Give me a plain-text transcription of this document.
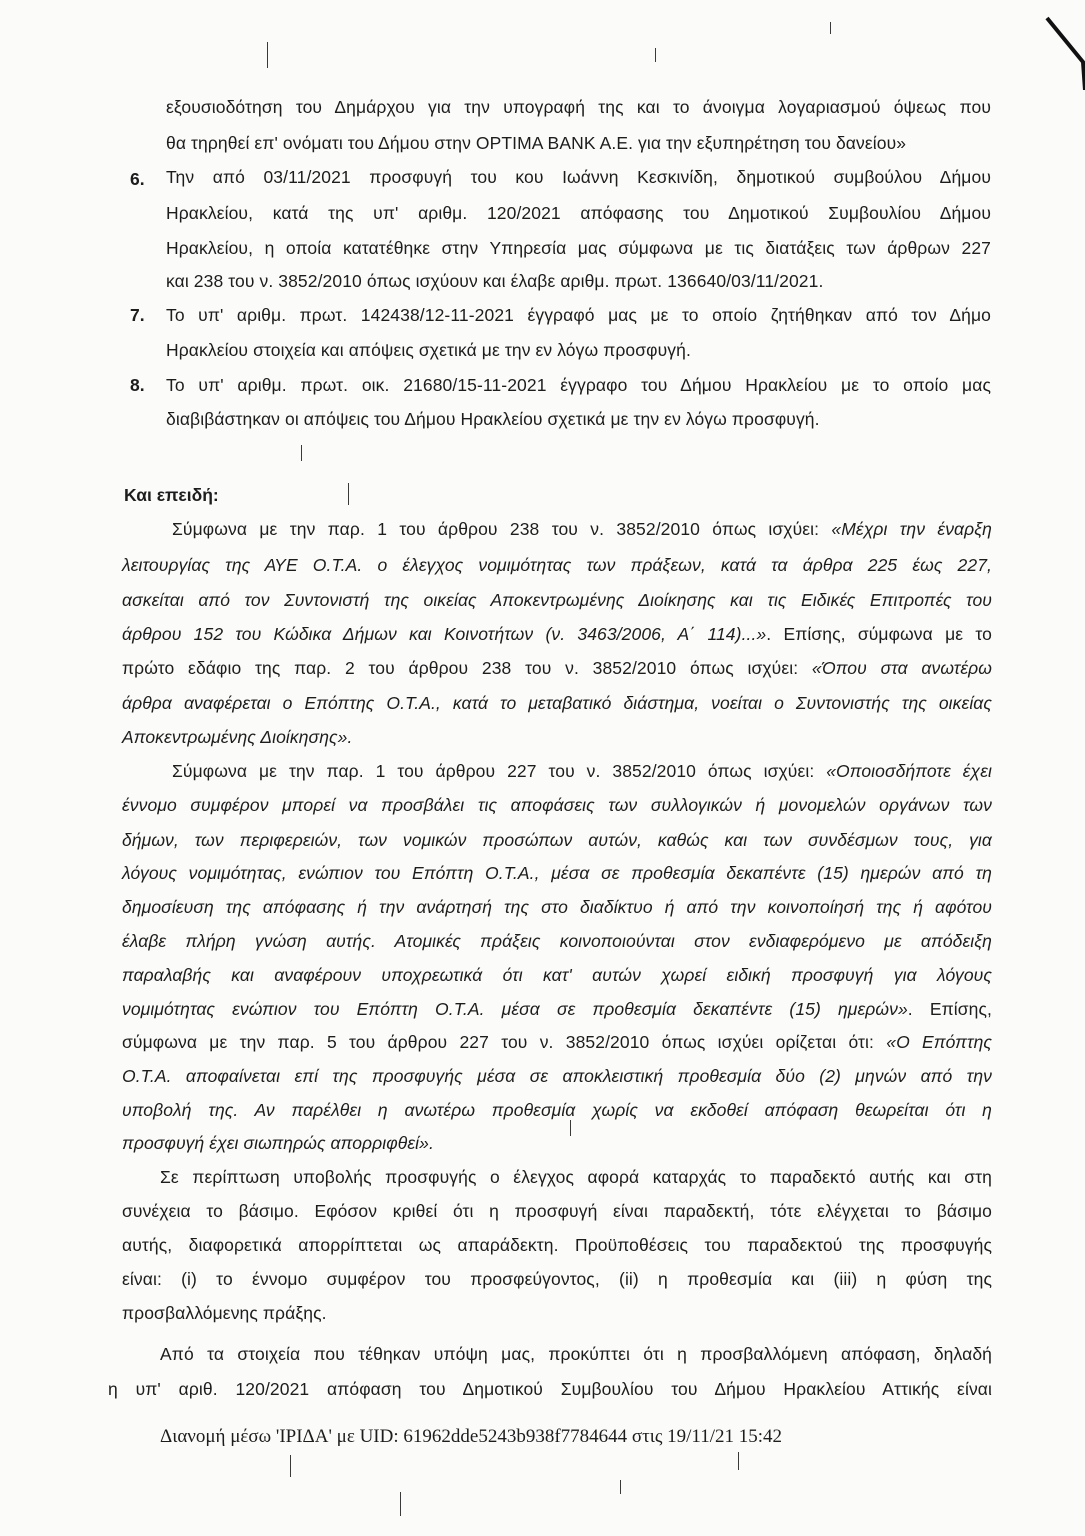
εξουσιοδότηση του Δημάρχου για την υπογραφή της και το άνοιγμα λογαριασμού όψεως που
θα τηρηθεί επ' ονόματι του Δήμου στην OPTIMA BANK A.E. για την εξυπηρέτηση του δανείου»
6. Την από 03/11/2021 προσφυγή του κου Ιωάννη Κεσκινίδη, δημοτικού συμβούλου Δήμου
Ηρακλείου, κατά της υπ' αριθμ. 120/2021 απόφασης του Δημοτικού Συμβουλίου Δήμου
Ηρακλείου, η οποία κατατέθηκε στην Υπηρεσία μας σύμφωνα με τις διατάξεις των άρθρων 227
και 238 του ν. 3852/2010 όπως ισχύουν και έλαβε αριθμ. πρωτ. 136640/03/11/2021.
7. Το υπ' αριθμ. πρωτ. 142438/12-11-2021 έγγραφό μας με το οποίο ζητήθηκαν από τον Δήμο
Ηρακλείου στοιχεία και απόψεις σχετικά με την εν λόγω προσφυγή.
8. Το υπ' αριθμ. πρωτ. οικ. 21680/15-11-2021 έγγραφο του Δήμου Ηρακλείου με το οποίο μας
διαβιβάστηκαν οι απόψεις του Δήμου Ηρακλείου σχετικά με την εν λόγω προσφυγή.
Και επειδή:
Σύμφωνα με την παρ. 1 του άρθρου 238 του ν. 3852/2010 όπως ισχύει: «Μέχρι την έναρξη
λειτουργίας της ΑΥΕ Ο.Τ.Α. ο έλεγχος νομιμότητας των πράξεων, κατά τα άρθρα 225 έως 227,
ασκείται από τον Συντονιστή της οικείας Αποκεντρωμένης Διοίκησης και τις Ειδικές Επιτροπές του
άρθρου 152 του Κώδικα Δήμων και Κοινοτήτων (ν. 3463/2006, Α΄ 114)...». Επίσης, σύμφωνα με το
πρώτο εδάφιο της παρ. 2 του άρθρου 238 του ν. 3852/2010 όπως ισχύει: «Όπου στα ανωτέρω
άρθρα αναφέρεται ο Επόπτης Ο.Τ.Α., κατά το μεταβατικό διάστημα, νοείται ο Συντονιστής της οικείας
Αποκεντρωμένης Διοίκησης».
Σύμφωνα με την παρ. 1 του άρθρου 227 του ν. 3852/2010 όπως ισχύει: «Οποιοσδήποτε έχει
έννομο συμφέρον μπορεί να προσβάλει τις αποφάσεις των συλλογικών ή μονομελών οργάνων των
δήμων, των περιφερειών, των νομικών προσώπων αυτών, καθώς και των συνδέσμων τους, για
λόγους νομιμότητας, ενώπιον του Επόπτη Ο.Τ.Α., μέσα σε προθεσμία δεκαπέντε (15) ημερών από τη
δημοσίευση της απόφασης ή την ανάρτησή της στο διαδίκτυο ή από την κοινοποίησή της ή αφότου
έλαβε πλήρη γνώση αυτής. Ατομικές πράξεις κοινοποιούνται στον ενδιαφερόμενο με απόδειξη
παραλαβής και αναφέρουν υποχρεωτικά ότι κατ' αυτών χωρεί ειδική προσφυγή για λόγους
νομιμότητας ενώπιον του Επόπτη Ο.Τ.Α. μέσα σε προθεσμία δεκαπέντε (15) ημερών». Επίσης,
σύμφωνα με την παρ. 5 του άρθρου 227 του ν. 3852/2010 όπως ισχύει ορίζεται ότι: «Ο Επόπτης
Ο.Τ.Α. αποφαίνεται επί της προσφυγής μέσα σε αποκλειστική προθεσμία δύο (2) μηνών από την
υποβολή της. Αν παρέλθει η ανωτέρω προθεσμία χωρίς να εκδοθεί απόφαση θεωρείται ότι η
προσφυγή έχει σιωπηρώς απορριφθεί».
Σε περίπτωση υποβολής προσφυγής ο έλεγχος αφορά καταρχάς το παραδεκτό αυτής και στη
συνέχεια το βάσιμο. Εφόσον κριθεί ότι η προσφυγή είναι παραδεκτή, τότε ελέγχεται το βάσιμο
αυτής, διαφορετικά απορρίπτεται ως απαράδεκτη. Προϋποθέσεις του παραδεκτού της προσφυγής
είναι: (i) το έννομο συμφέρον του προσφεύγοντος, (ii) η προθεσμία και (iii) η φύση της
προσβαλλόμενης πράξης.
Από τα στοιχεία που τέθηκαν υπόψη μας, προκύπτει ότι η προσβαλλόμενη απόφαση, δηλαδή
η υπ' αριθ. 120/2021 απόφαση του Δημοτικού Συμβουλίου του Δήμου Ηρακλείου Αττικής είναι
Διανομή μέσω 'ΙΡΙΔΑ' με UID: 61962dde5243b938f7784644 στις 19/11/21 15:42
